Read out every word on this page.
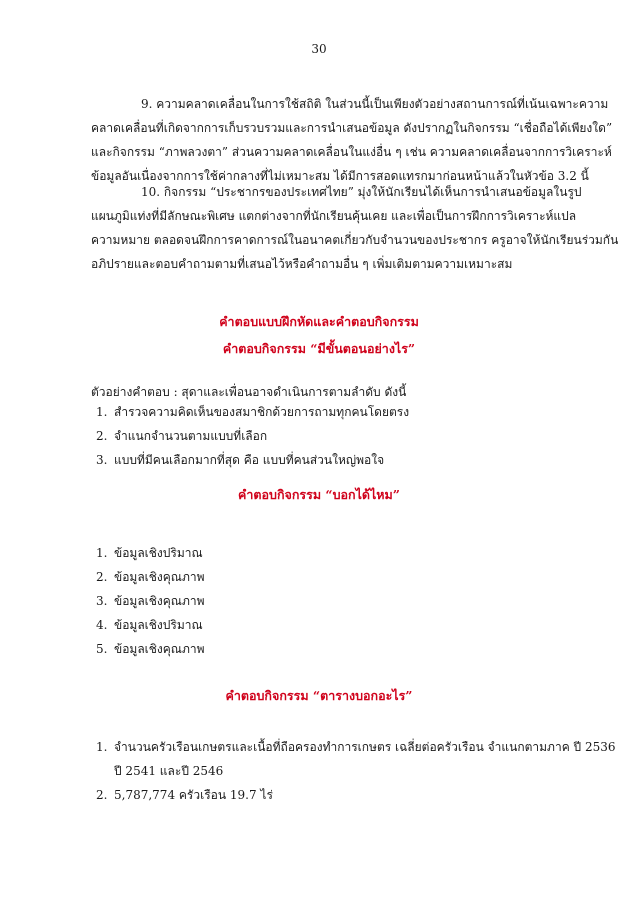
30
9. ความคลาดเคลื่อนในการใช้สถิติ ในส่วนนี้เป็นเพียงตัวอย่างสถานการณ์ที่เน้นเฉพาะความ
คลาดเคลื่อนที่เกิดจากการเก็บรวบรวมและการนำเสนอข้อมูล ดังปรากฏในกิจกรรม “เชื่อถือได้เพียงใด”
และกิจกรรม “ภาพลวงตา” ส่วนความคลาดเคลื่อนในแง่อื่น ๆ เช่น ความคลาดเคลื่อนจากการวิเคราะห์
ข้อมูลอันเนื่องจากการใช้ค่ากลางที่ไม่เหมาะสม ได้มีการสอดแทรกมาก่อนหน้าแล้วในหัวข้อ 3.2 นี้
10. กิจกรรม “ประชากรของประเทศไทย” มุ่งให้นักเรียนได้เห็นการนำเสนอข้อมูลในรูป
แผนภูมิแท่งที่มีลักษณะพิเศษ แตกต่างจากที่นักเรียนคุ้นเคย และเพื่อเป็นการฝึกการวิเคราะห์แปล
ความหมาย ตลอดจนฝึกการคาดการณ์ในอนาคตเกี่ยวกับจำนวนของประชากร ครูอาจให้นักเรียนร่วมกัน
อภิปรายและตอบคำถามตามที่เสนอไว้หรือคำถามอื่น ๆ เพิ่มเติมตามความเหมาะสม
คำตอบแบบฝึกหัดและคำตอบกิจกรรม
คำตอบกิจกรรม “มีขั้นตอนอย่างไร”
ตัวอย่างคำตอบ : สุดาและเพื่อนอาจดำเนินการตามลำดับ ดังนี้
1. สำรวจความคิดเห็นของสมาชิกด้วยการถามทุกคนโดยตรง
2. จำแนกจำนวนตามแบบที่เลือก
3. แบบที่มีคนเลือกมากที่สุด คือ แบบที่คนส่วนใหญ่พอใจ
คำตอบกิจกรรม “บอกได้ไหม”
1. ข้อมูลเชิงปริมาณ
2. ข้อมูลเชิงคุณภาพ
3. ข้อมูลเชิงคุณภาพ
4. ข้อมูลเชิงปริมาณ
5. ข้อมูลเชิงคุณภาพ
คำตอบกิจกรรม “ตารางบอกอะไร”
1. จำนวนครัวเรือนเกษตรและเนื้อที่ถือครองทำการเกษตร เฉลี่ยต่อครัวเรือน จำแนกตามภาค ปี 2536
ปี 2541 และปี 2546
2. 5,787,774 ครัวเรือน 19.7 ไร่
